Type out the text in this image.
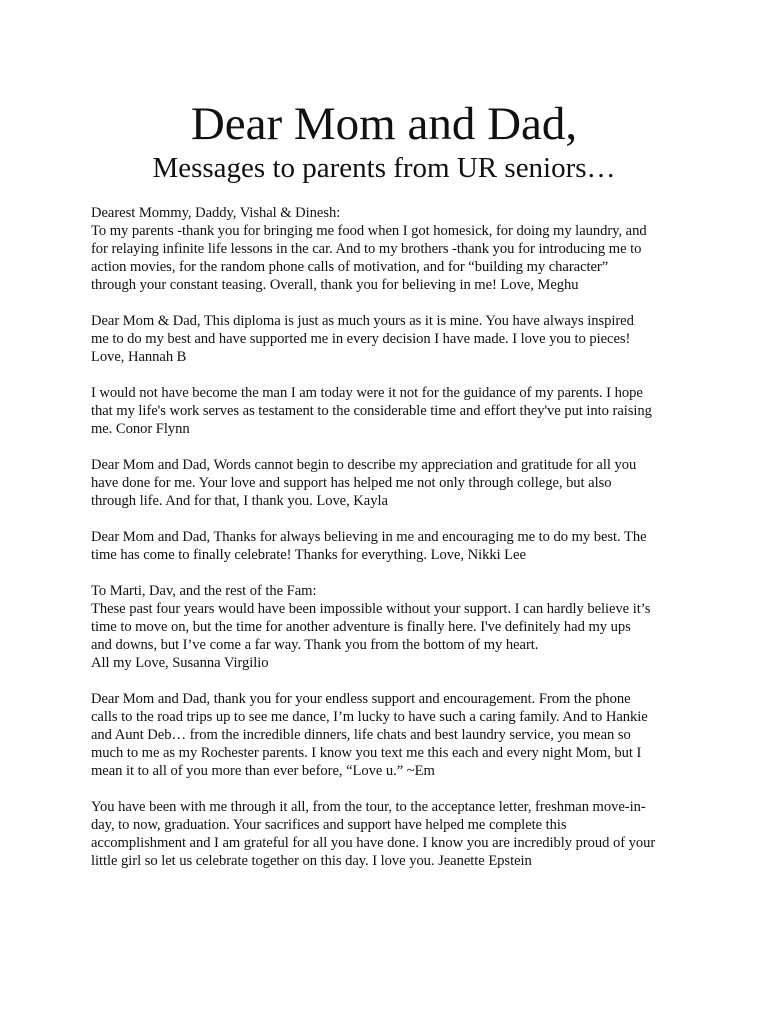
Dear Mom and Dad,
Messages to parents from UR seniors…
Dearest Mommy, Daddy, Vishal & Dinesh:
To my parents -thank you for bringing me food when I got homesick, for doing my laundry, and
for relaying infinite life lessons in the car. And to my brothers -thank you for introducing me to
action movies, for the random phone calls of motivation, and for “building my character”
through your constant teasing. Overall, thank you for believing in me! Love, Meghu
Dear Mom & Dad, This diploma is just as much yours as it is mine. You have always inspired
me to do my best and have supported me in every decision I have made. I love you to pieces!
Love, Hannah B
I would not have become the man I am today were it not for the guidance of my parents. I hope
that my life's work serves as testament to the considerable time and effort they've put into raising
me. Conor Flynn
Dear Mom and Dad, Words cannot begin to describe my appreciation and gratitude for all you
have done for me. Your love and support has helped me not only through college, but also
through life. And for that, I thank you. Love, Kayla
Dear Mom and Dad, Thanks for always believing in me and encouraging me to do my best. The
time has come to finally celebrate! Thanks for everything. Love, Nikki Lee
To Marti, Dav, and the rest of the Fam:
These past four years would have been impossible without your support. I can hardly believe it’s
time to move on, but the time for another adventure is finally here. I've definitely had my ups
and downs, but I’ve come a far way. Thank you from the bottom of my heart.
All my Love, Susanna Virgilio
Dear Mom and Dad, thank you for your endless support and encouragement. From the phone
calls to the road trips up to see me dance, I’m lucky to have such a caring family. And to Hankie
and Aunt Deb… from the incredible dinners, life chats and best laundry service, you mean so
much to me as my Rochester parents. I know you text me this each and every night Mom, but I
mean it to all of you more than ever before, “Love u.” ~Em
You have been with me through it all, from the tour, to the acceptance letter, freshman move-in-
day, to now, graduation. Your sacrifices and support have helped me complete this
accomplishment and I am grateful for all you have done. I know you are incredibly proud of your
little girl so let us celebrate together on this day. I love you. Jeanette Epstein
